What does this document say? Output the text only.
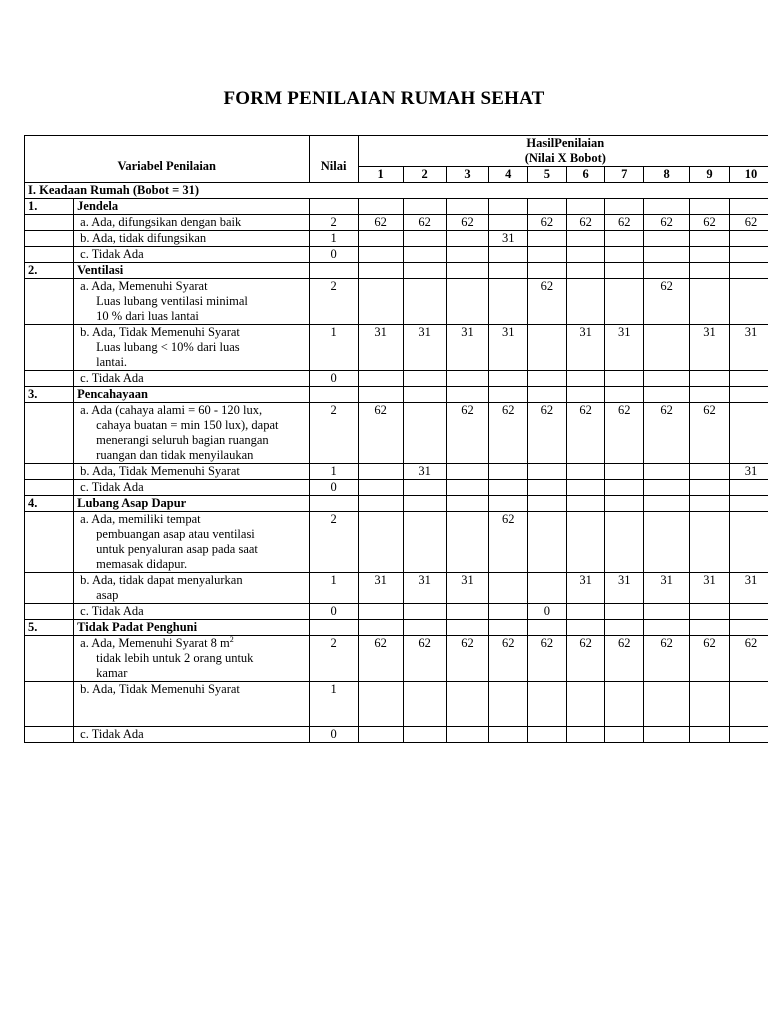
FORM PENILAIAN RUMAH SEHAT
Variabel Penilaian		Nilai	HasilPenilaian
(Nilai X Bobot)									

			1	2	3	4	5	6	7	8	9	10
I. Keadaan Rumah (Bobot = 31)												
1.	Jendela											

	a. Ada, difungsikan dengan baik	2	62	62	62		62	62	62	62	62	62

	b. Ada, tidak difungsikan	1				31						

	c. Tidak Ada	0										
2.	Ventilasi											

	a. Ada, Memenuhi Syarat
Luas lubang ventilasi minimal
10 % dari luas lantai	2					62			62		

	b. Ada, Tidak Memenuhi Syarat
Luas lubang < 10% dari luas
lantai.	1	31	31	31	31		31	31		31	31

	c. Tidak Ada	0										
3.	Pencahayaan											

	a. Ada (cahaya alami = 60 - 120 lux,
cahaya buatan = min 150 lux), dapat
menerangi seluruh bagian ruangan
ruangan dan tidak menyilaukan	2	62		62	62	62	62	62	62	62	

	b. Ada, Tidak Memenuhi Syarat	1		31								31

	c. Tidak Ada	0										
4.	Lubang Asap Dapur											

	a. Ada, memiliki tempat
pembuangan asap atau ventilasi
untuk penyaluran asap pada saat
memasak didapur.	2				62						

	b. Ada, tidak dapat menyalurkan
asap	1	31	31	31			31	31	31	31	31

	c. Tidak Ada	0					0					
5.	Tidak Padat Penghuni											

	a. Ada, Memenuhi Syarat 8 $m^2$
tidak lebih untuk 2 orang untuk
kamar	2	62	62	62	62	62	62	62	62	62	62

	b. Ada, Tidak Memenuhi Syarat	1										

	c. Tidak Ada	0										
